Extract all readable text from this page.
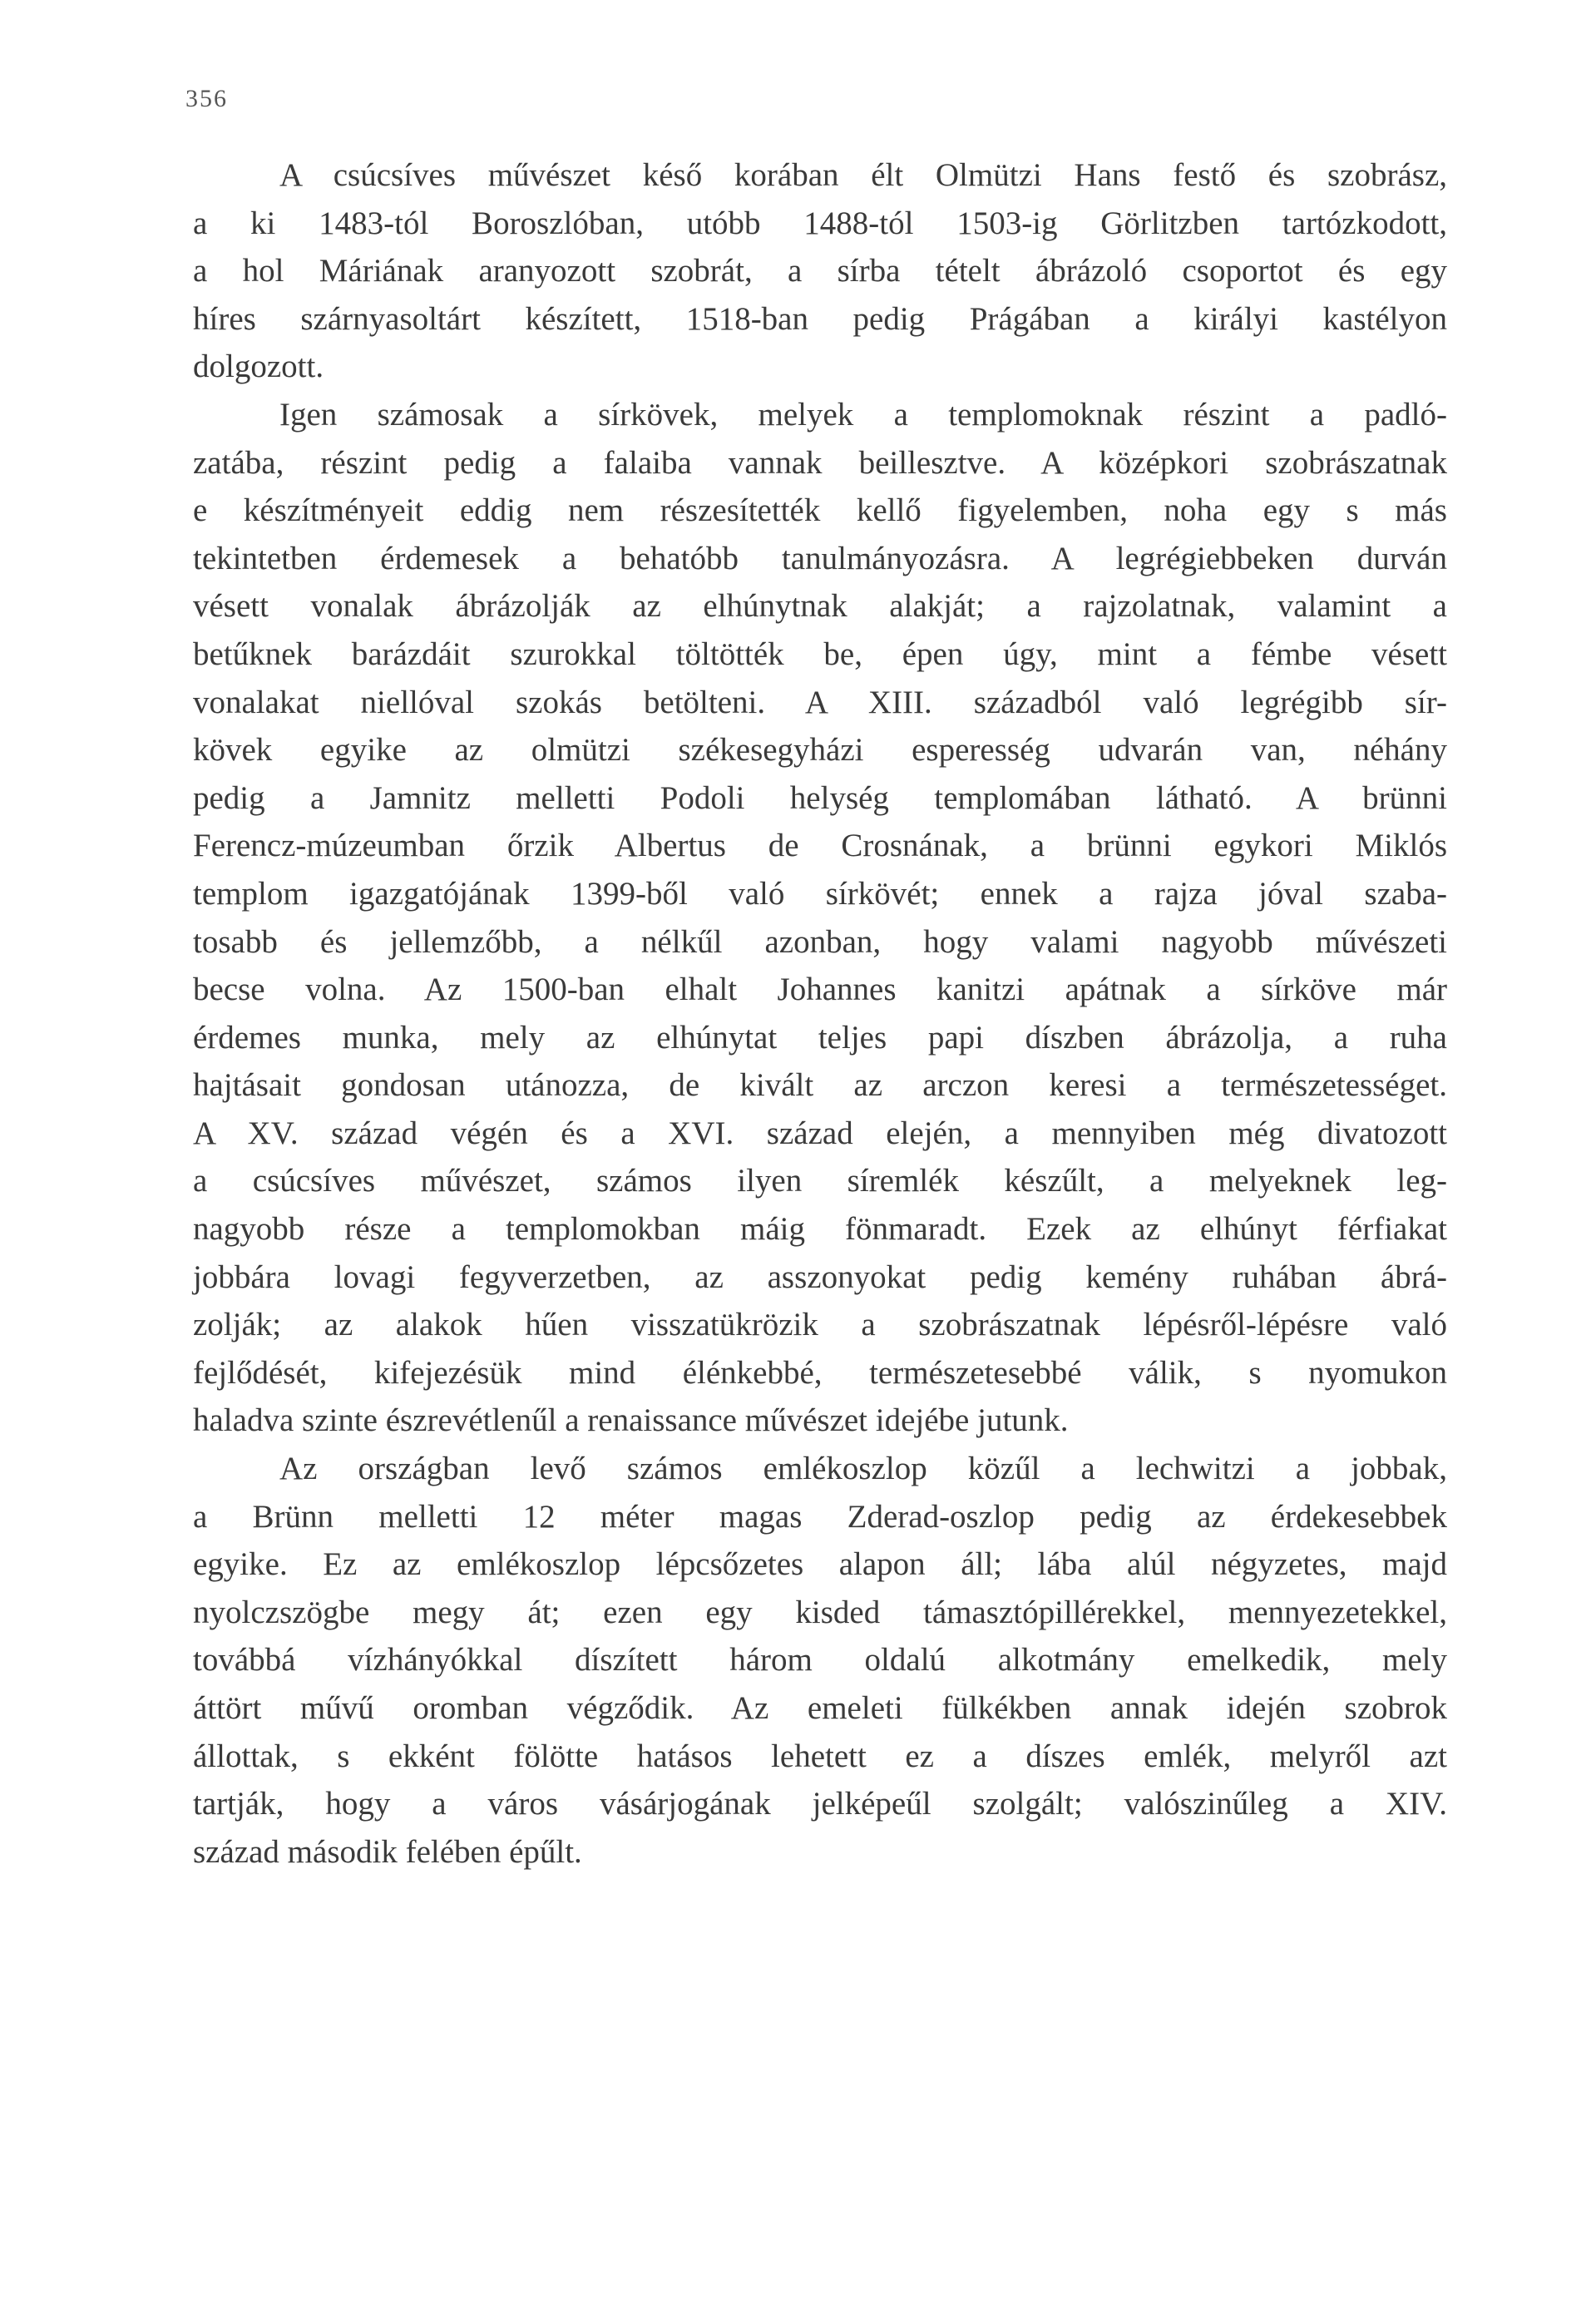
356
A csúcsíves művészet késő korában élt Olmützi Hans festő és szobrász,
a ki 1483-tól Boroszlóban, utóbb 1488-tól 1503-ig Görlitzben tartózkodott,
a hol Máriának aranyozott szobrát, a sírba tételt ábrázoló csoportot és egy
híres szárnyasoltárt készített, 1518-ban pedig Prágában a királyi kastélyon
dolgozott.
Igen számosak a sírkövek, melyek a templomoknak részint a padló-
zatába, részint pedig a falaiba vannak beillesztve. A középkori szobrászatnak
e készítményeit eddig nem részesítették kellő figyelemben, noha egy s más
tekintetben érdemesek a behatóbb tanulmányozásra. A legrégiebbeken durván
vésett vonalak ábrázolják az elhúnytnak alakját; a rajzolatnak, valamint a
betűknek barázdáit szurokkal töltötték be, épen úgy, mint a fémbe vésett
vonalakat niellóval szokás betölteni. A XIII. századból való legrégibb sír-
kövek egyike az olmützi székesegyházi esperesség udvarán van, néhány
pedig a Jamnitz melletti Podoli helység templomában látható. A brünni
Ferencz-múzeumban őrzik Albertus de Crosnának, a brünni egykori Miklós
templom igazgatójának 1399-ből való sírkövét; ennek a rajza jóval szaba-
tosabb és jellemzőbb, a nélkűl azonban, hogy valami nagyobb művészeti
becse volna. Az 1500-ban elhalt Johannes kanitzi apátnak a sírköve már
érdemes munka, mely az elhúnytat teljes papi díszben ábrázolja, a ruha
hajtásait gondosan utánozza, de kivált az arczon keresi a természetességet.
A XV. század végén és a XVI. század elején, a mennyiben még divatozott
a csúcsíves művészet, számos ilyen síremlék készűlt, a melyeknek leg-
nagyobb része a templomokban máig fönmaradt. Ezek az elhúnyt férfiakat
jobbára lovagi fegyverzetben, az asszonyokat pedig kemény ruhában ábrá-
zolják; az alakok hűen visszatükrözik a szobrászatnak lépésről-lépésre való
fejlődését, kifejezésük mind élénkebbé, természetesebbé válik, s nyomukon
haladva szinte észrevétlenűl a renaissance művészet idejébe jutunk.
Az országban levő számos emlékoszlop közűl a lechwitzi a jobbak,
a Brünn melletti 12 méter magas Zderad-oszlop pedig az érdekesebbek
egyike. Ez az emlékoszlop lépcsőzetes alapon áll; lába alúl négyzetes, majd
nyolczszögbe megy át; ezen egy kisded támasztópillérekkel, mennyezetekkel,
továbbá vízhányókkal díszített három oldalú alkotmány emelkedik, mely
áttört művű oromban végződik. Az emeleti fülkékben annak idején szobrok
állottak, s ekként fölötte hatásos lehetett ez a díszes emlék, melyről azt
tartják, hogy a város vásárjogának jelképeűl szolgált; valószinűleg a XIV.
század második felében épűlt.
